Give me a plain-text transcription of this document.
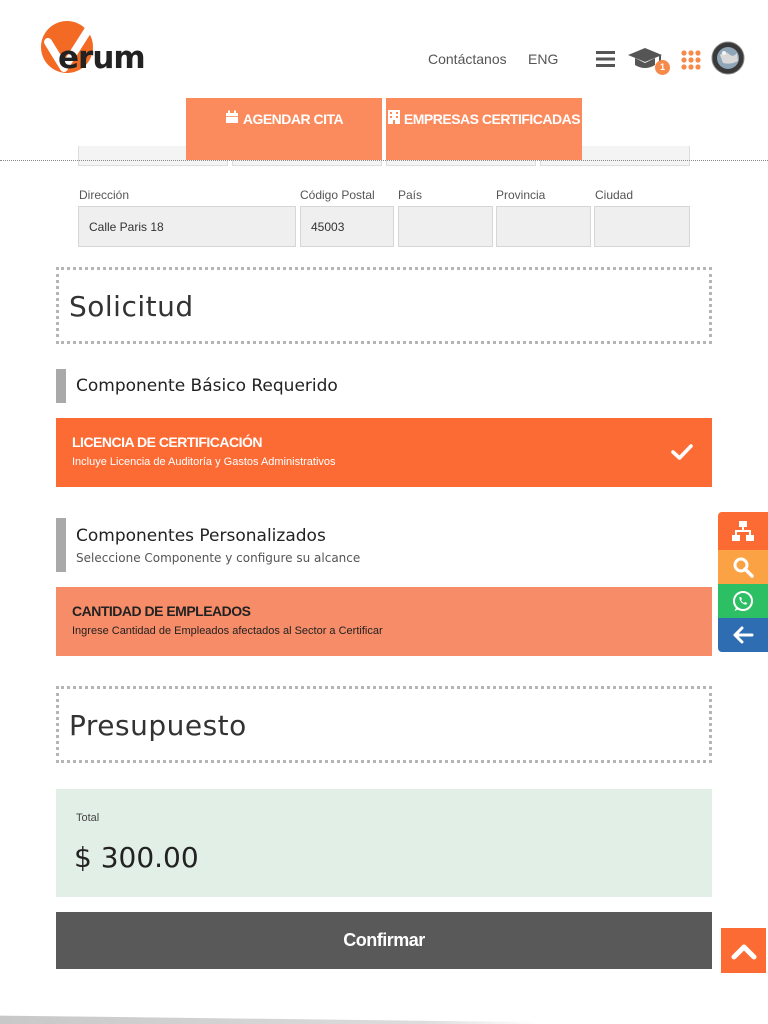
erum	Contáctanos ENG	1
AGENDAR CITA	EMPRESAS CERTIFICADAS
Dirección
Calle Paris 18
Código Postal
45003
País	Provincia	Ciudad
Solicitud
Componente Básico Requerido
LICENCIA DE CERTIFICACIÓN
Incluye Licencia de Auditoría y Gastos Administrativos
Componentes Personalizados
Seleccione Componente y configure su alcance
CANTIDAD DE EMPLEADOS
Ingrese Cantidad de Empleados afectados al Sector a Certificar
Presupuesto
Total
$ 300.00
Confirmar
